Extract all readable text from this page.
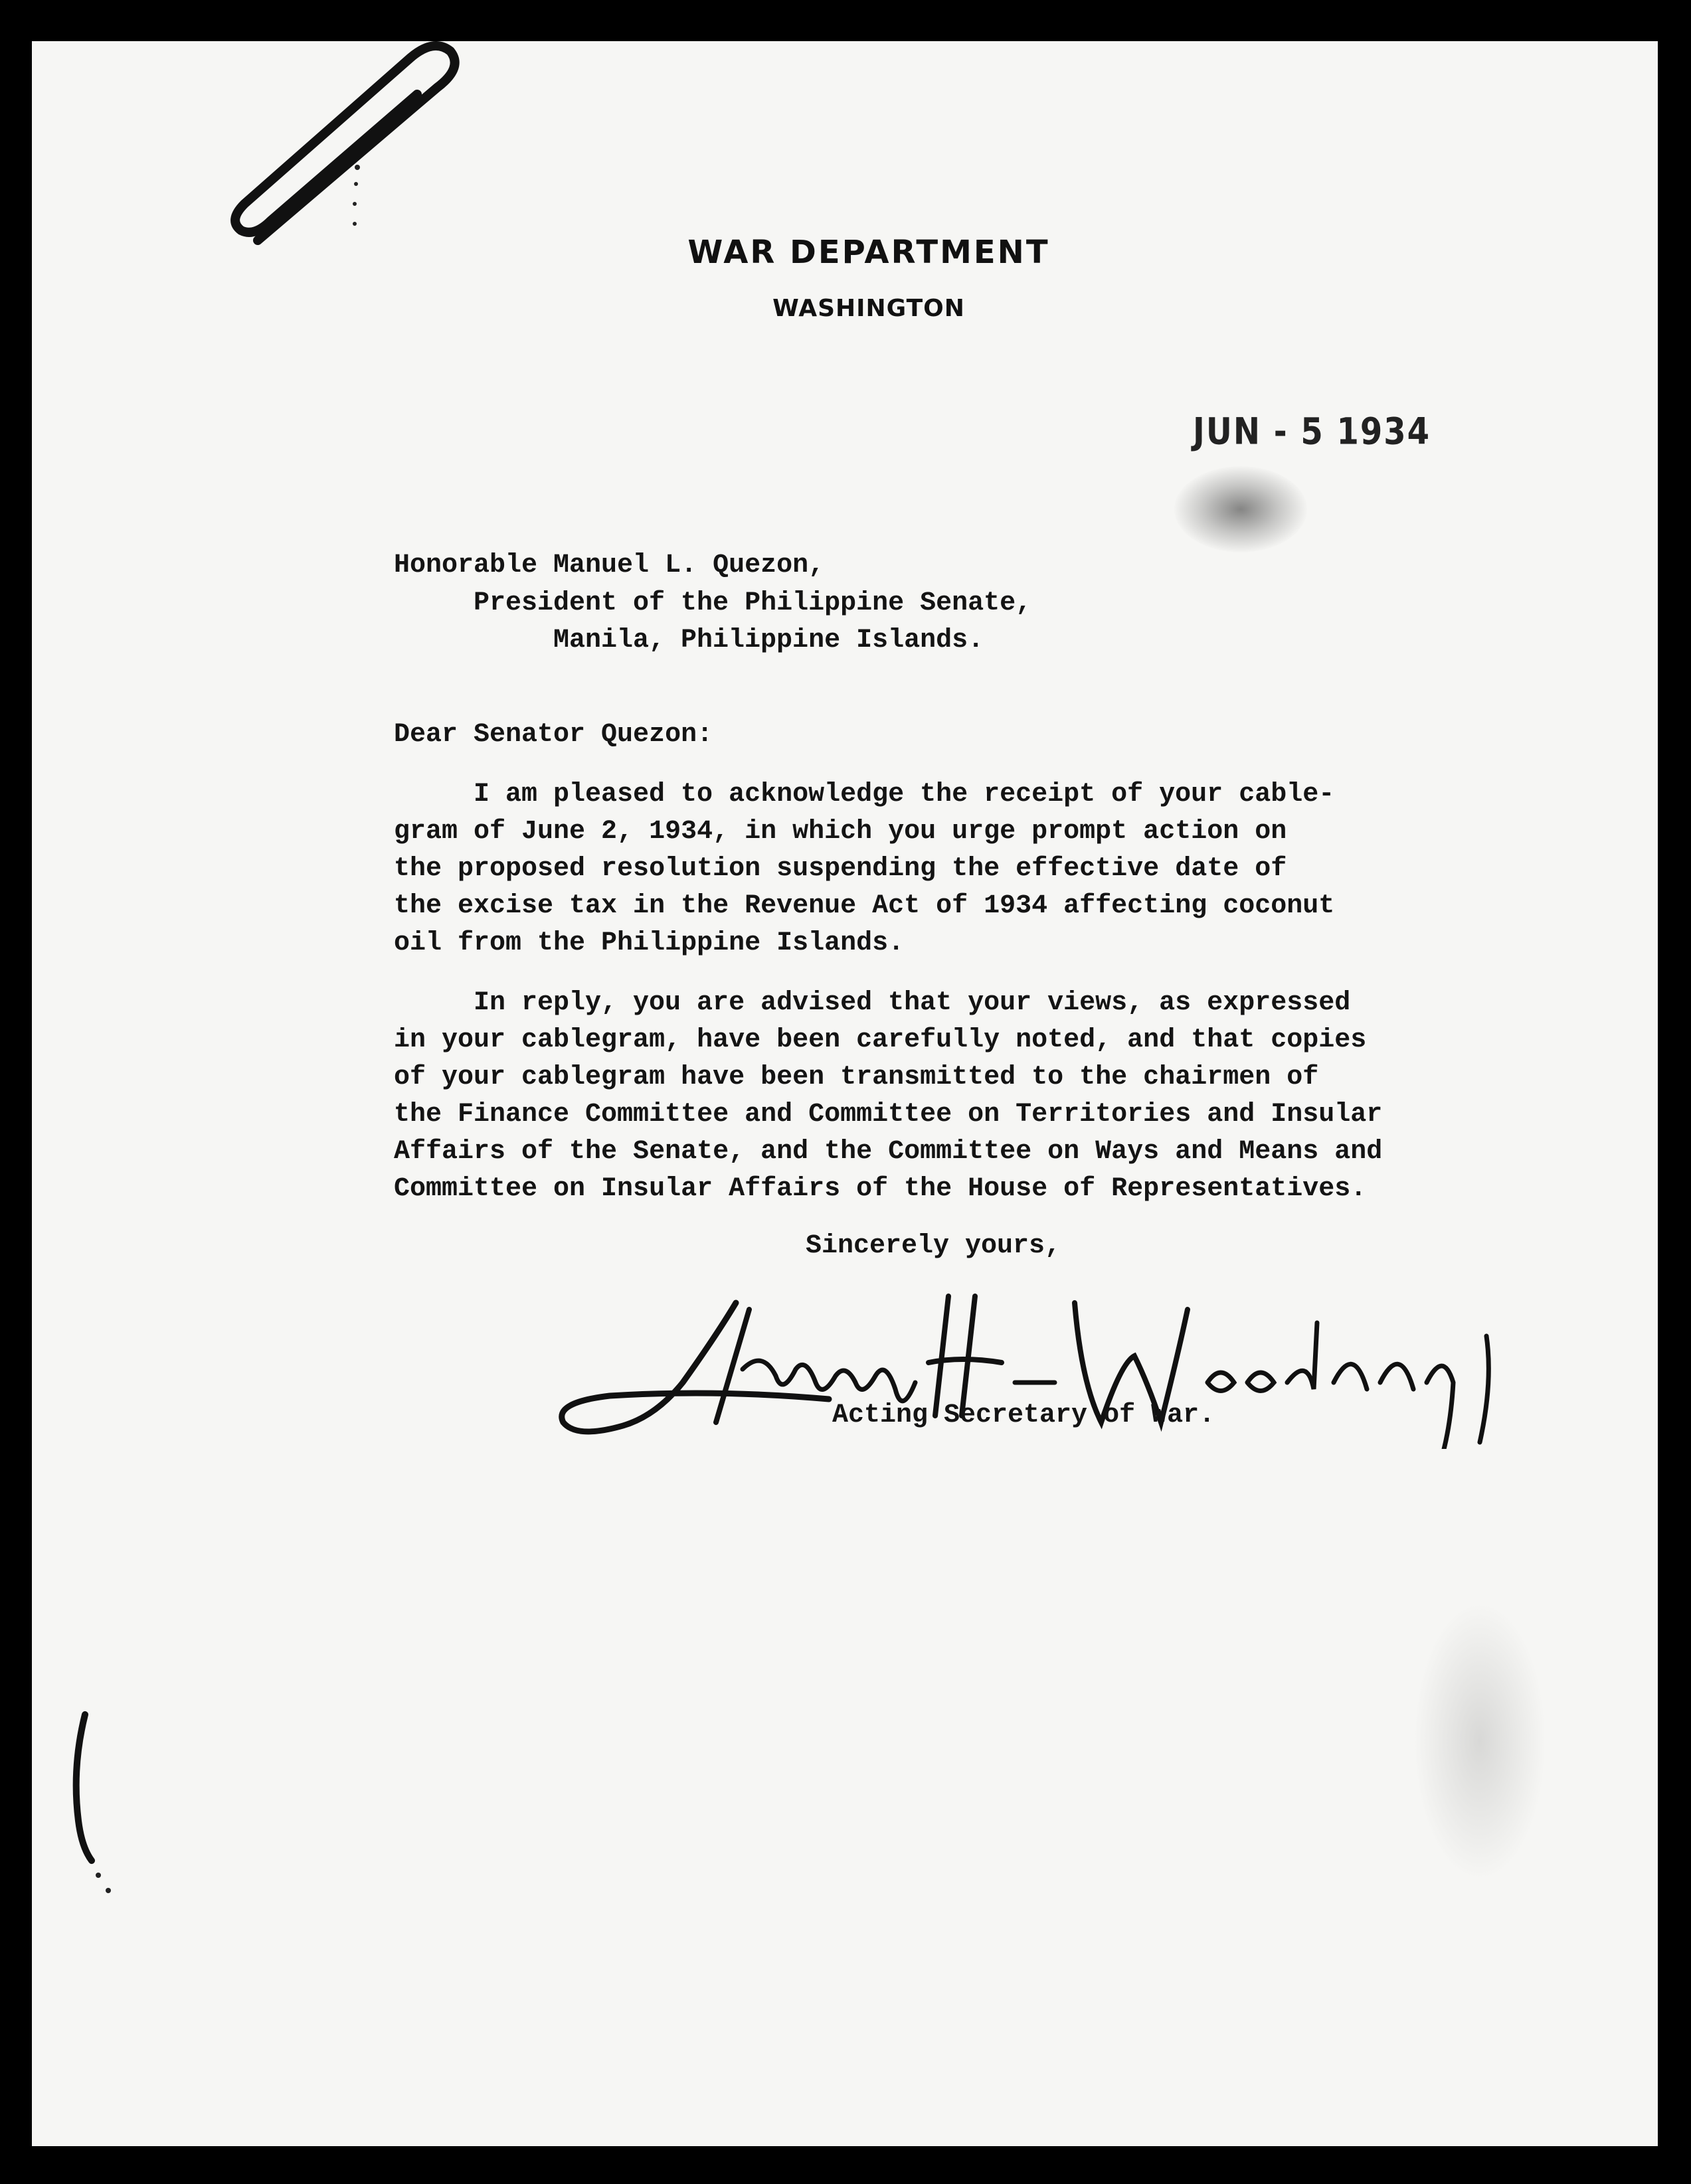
WAR DEPARTMENT
WASHINGTON
JUN - 5 1934
Honorable Manuel L. Quezon,
President of the Philippine Senate,
Manila, Philippine Islands.
Dear Senator Quezon:
I am pleased to acknowledge the receipt of your cable-
gram of June 2, 1934, in which you urge prompt action on
the proposed resolution suspending the effective date of
the excise tax in the Revenue Act of 1934 affecting coconut
oil from the Philippine Islands.
In reply, you are advised that your views, as expressed
in your cablegram, have been carefully noted, and that copies
of your cablegram have been transmitted to the chairmen of
the Finance Committee and Committee on Territories and Insular
Affairs of the Senate, and the Committee on Ways and Means and
Committee on Insular Affairs of the House of Representatives.
Sincerely yours,
Acting Secretary of War.
